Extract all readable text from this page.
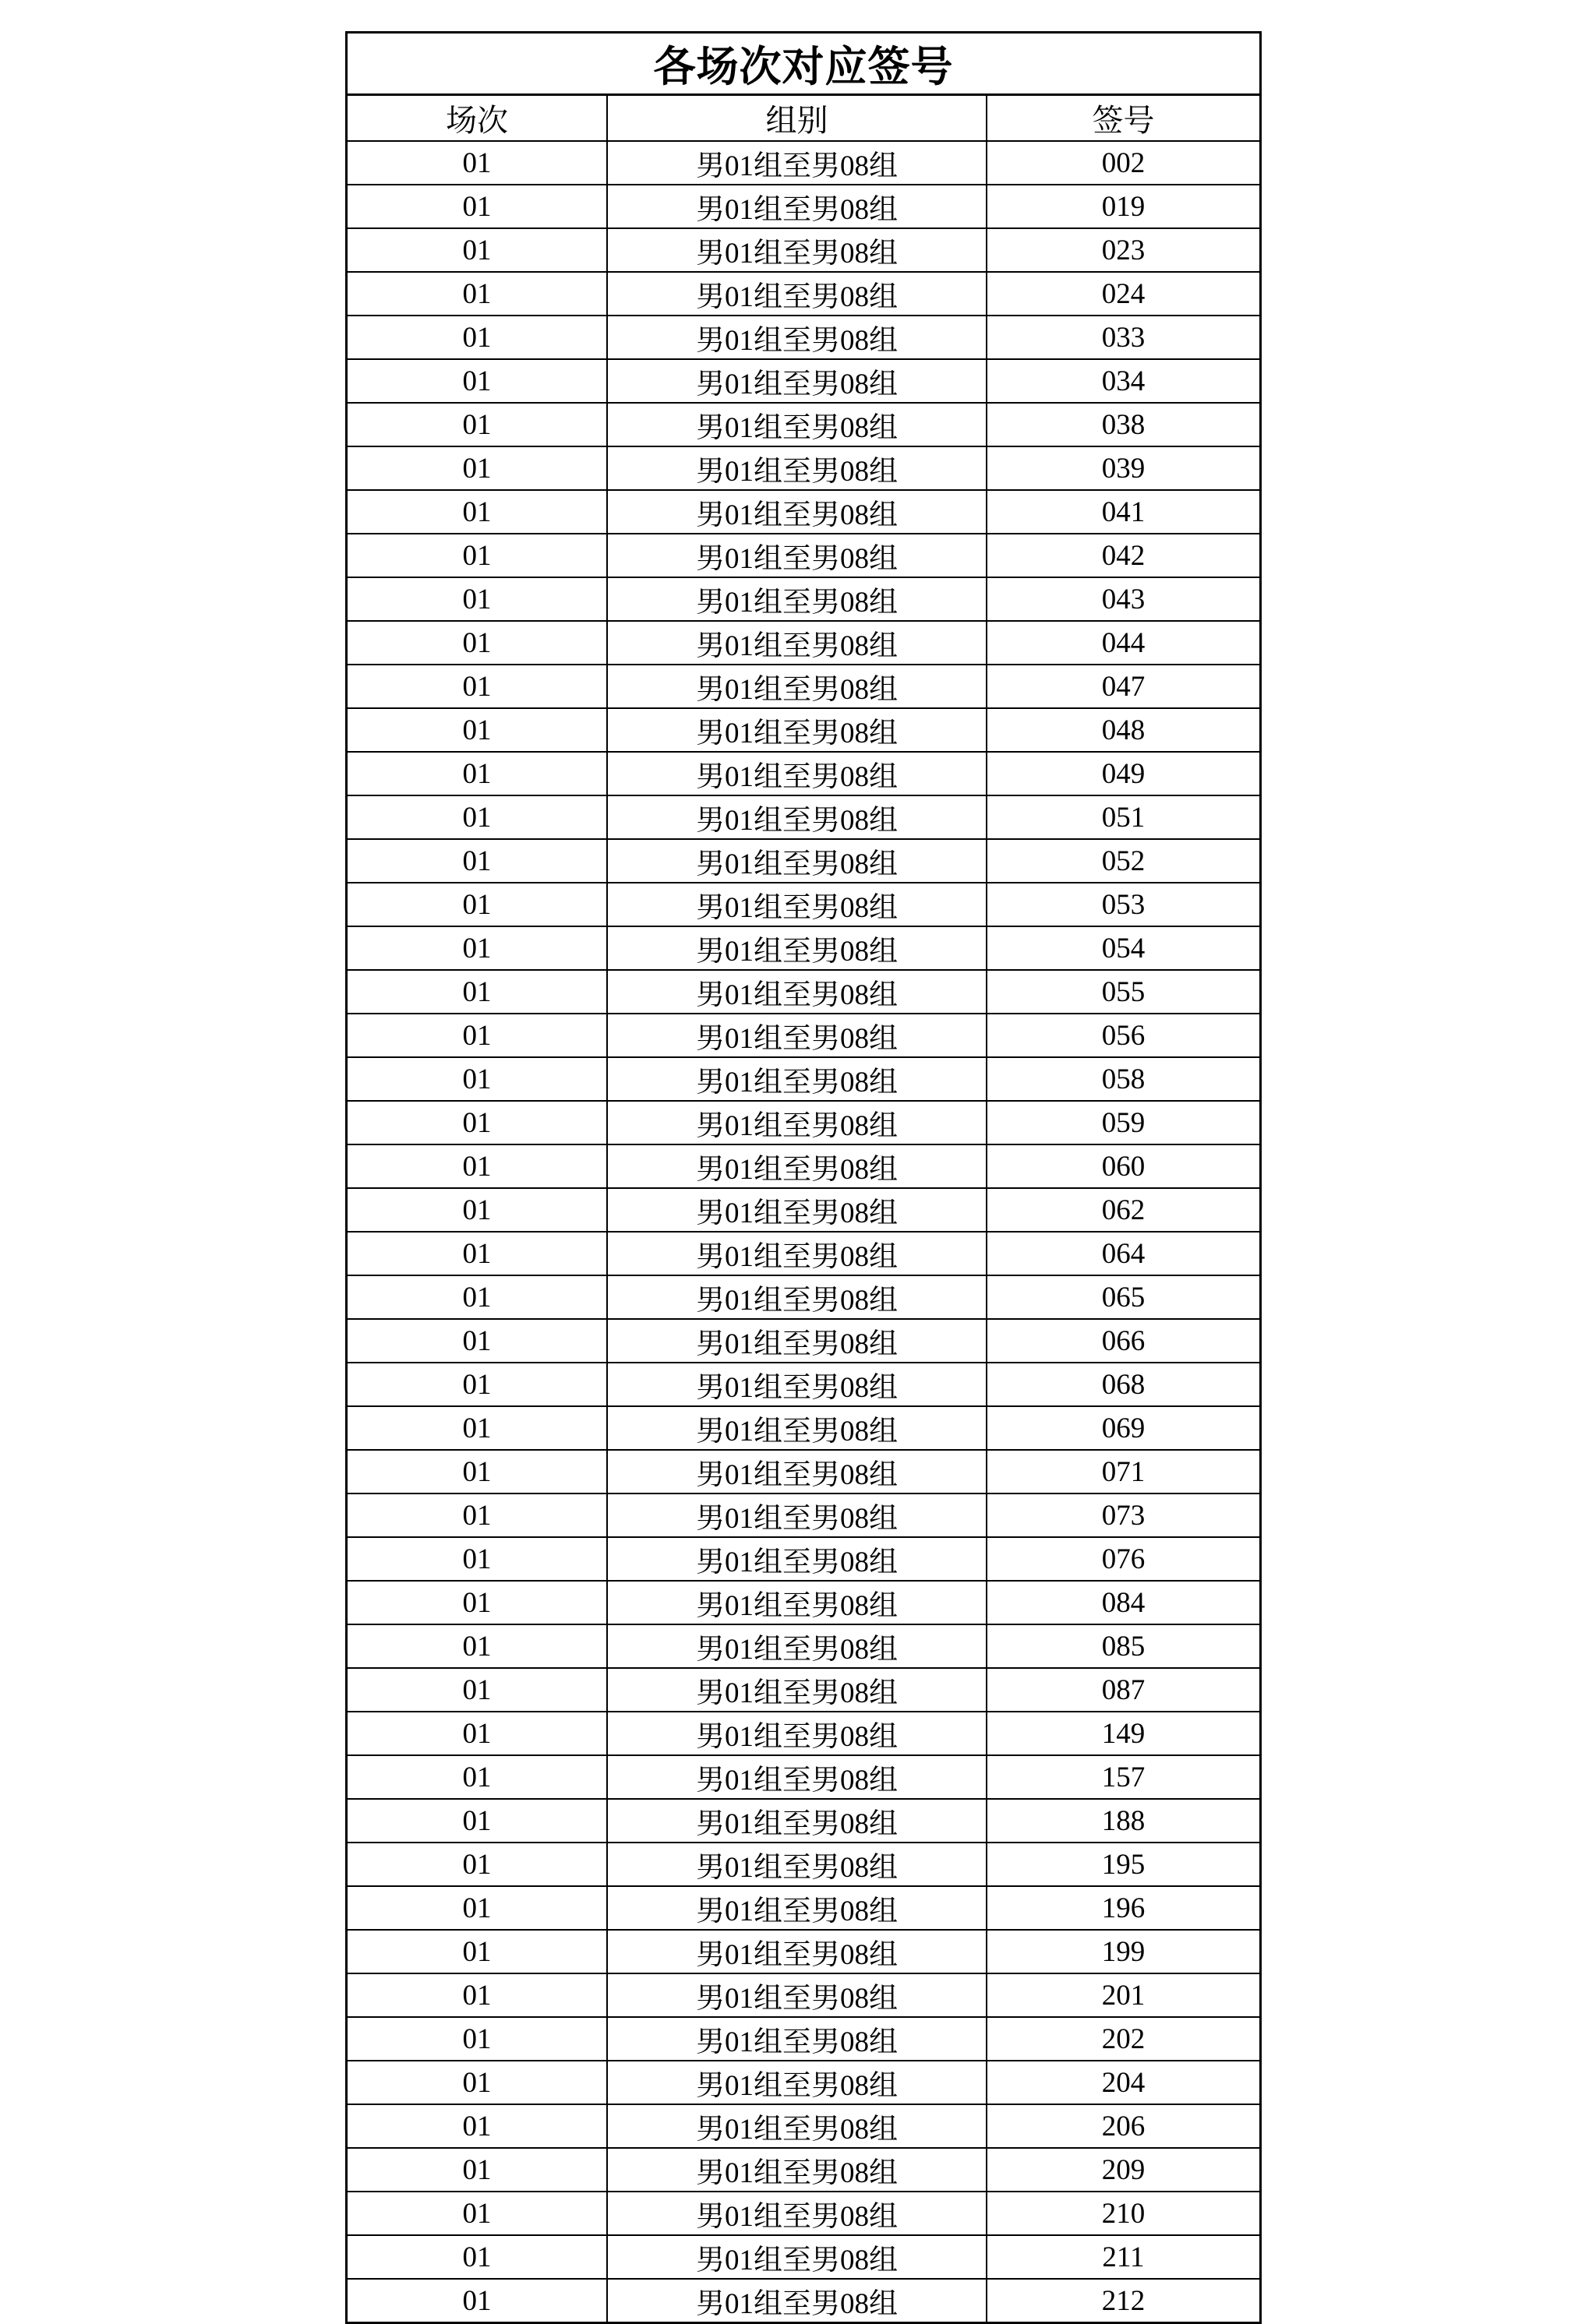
各场次对应签号
场次	组别	签号
01	男01组至男08组	002
01	男01组至男08组	019
01	男01组至男08组	023
01	男01组至男08组	024
01	男01组至男08组	033
01	男01组至男08组	034
01	男01组至男08组	038
01	男01组至男08组	039
01	男01组至男08组	041
01	男01组至男08组	042
01	男01组至男08组	043
01	男01组至男08组	044
01	男01组至男08组	047
01	男01组至男08组	048
01	男01组至男08组	049
01	男01组至男08组	051
01	男01组至男08组	052
01	男01组至男08组	053
01	男01组至男08组	054
01	男01组至男08组	055
01	男01组至男08组	056
01	男01组至男08组	058
01	男01组至男08组	059
01	男01组至男08组	060
01	男01组至男08组	062
01	男01组至男08组	064
01	男01组至男08组	065
01	男01组至男08组	066
01	男01组至男08组	068
01	男01组至男08组	069
01	男01组至男08组	071
01	男01组至男08组	073
01	男01组至男08组	076
01	男01组至男08组	084
01	男01组至男08组	085
01	男01组至男08组	087
01	男01组至男08组	149
01	男01组至男08组	157
01	男01组至男08组	188
01	男01组至男08组	195
01	男01组至男08组	196
01	男01组至男08组	199
01	男01组至男08组	201
01	男01组至男08组	202
01	男01组至男08组	204
01	男01组至男08组	206
01	男01组至男08组	209
01	男01组至男08组	210
01	男01组至男08组	211
01	男01组至男08组	212
